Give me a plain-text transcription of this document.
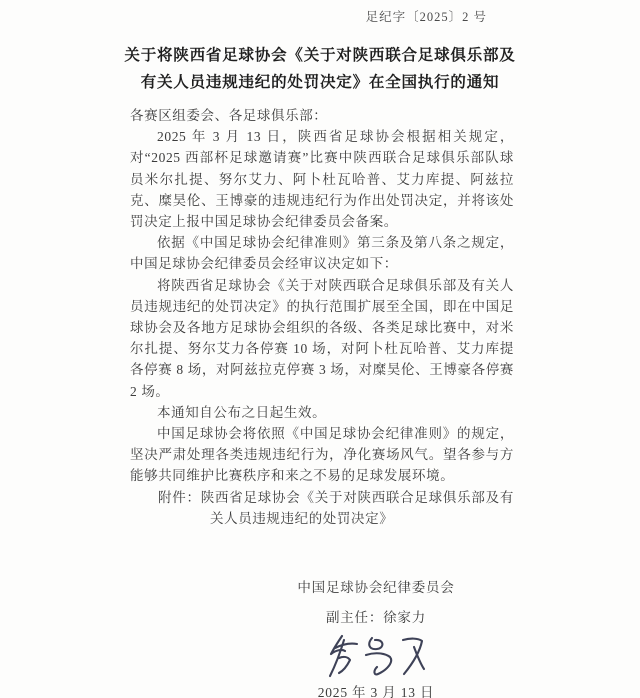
足纪字〔2025〕2 号
关于将陕西省足球协会《关于对陕西联合足球俱乐部及
有关人员违规违纪的处罚决定》在全国执行的通知

各赛区组委会、各足球俱乐部：

2025 年 3 月 13 日，陕西省足球协会根据相关规定，对“2025 西部杯足球邀请赛”比赛中陕西联合足球俱乐部队球员米尔扎提、努尔艾力、阿卜杜瓦哈普、艾力库提、阿兹拉克、糜昊伦、王博豪的违规违纪行为作出处罚决定，并将该处罚决定上报中国足球协会纪律委员会备案。

依据《中国足球协会纪律准则》第三条及第八条之规定，中国足球协会纪律委员会经审议决定如下：

将陕西省足球协会《关于对陕西联合足球俱乐部及有关人员违规违纪的处罚决定》的执行范围扩展至全国，即在中国足球协会及各地方足球协会组织的各级、各类足球比赛中，对米尔扎提、努尔艾力各停赛 10 场，对阿卜杜瓦哈普、艾力库提各停赛 8 场，对阿兹拉克停赛 3 场，对糜昊伦、王博豪各停赛 2 场。

本通知自公布之日起生效。

中国足球协会将依照《中国足球协会纪律准则》的规定，坚决严肃处理各类违规违纪行为，净化赛场风气。望各参与方能够共同维护比赛秩序和来之不易的足球发展环境。

附件：陕西省足球协会《关于对陕西联合足球俱乐部及有关人员违规违纪的处罚决定》

中国足球协会纪律委员会

副主任：徐家力

2025 年 3 月 13 日
